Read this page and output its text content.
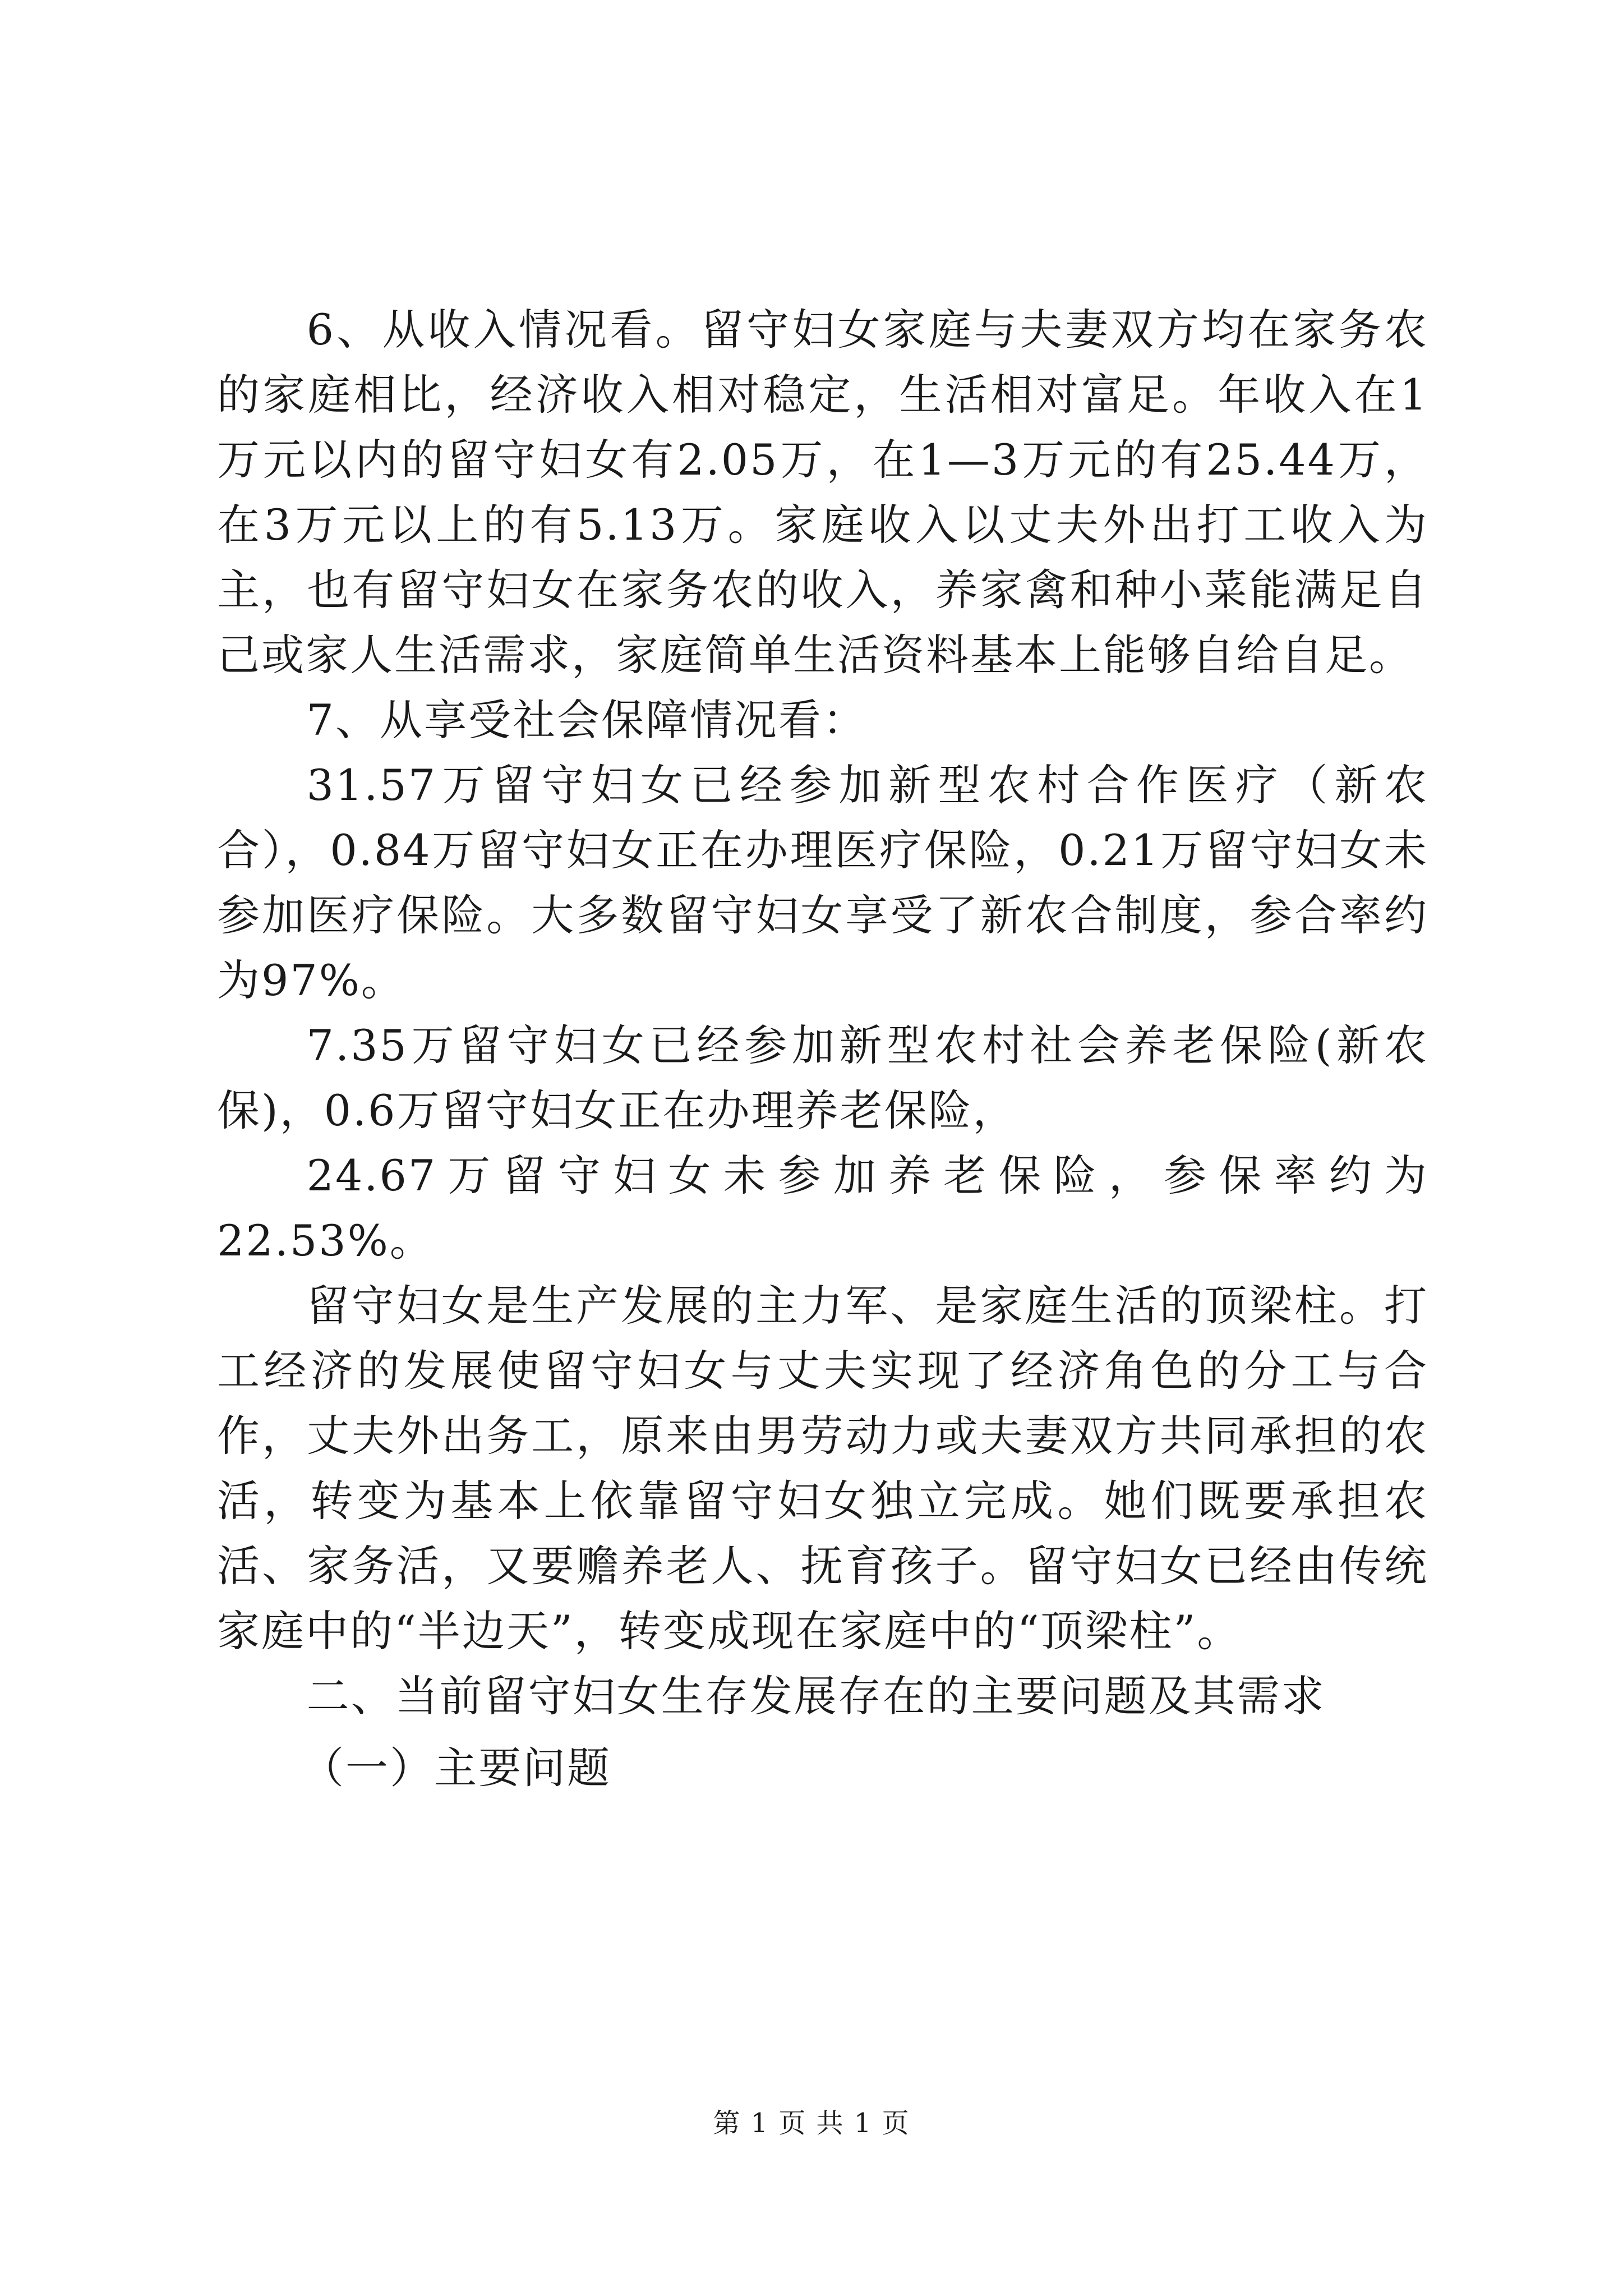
6、从收入情况看。留守妇女家庭与夫妻双方均在家务农的家庭相比，经济收入相对稳定，生活相对富足。年收入在1万元以内的留守妇女有2.05万，在1—3万元的有25.44万，在3万元以上的有5.13万。家庭收入以丈夫外出打工收入为主，也有留守妇女在家务农的收入，养家禽和种小菜能满足自己或家人生活需求，家庭简单生活资料基本上能够自给自足。

7、从享受社会保障情况看：

31.57万留守妇女已经参加新型农村合作医疗（新农合），0.84万留守妇女正在办理医疗保险，0.21万留守妇女未参加医疗保险。大多数留守妇女享受了新农合制度，参合率约为97%。

7.35万留守妇女已经参加新型农村社会养老保险(新农保)，0.6万留守妇女正在办理养老保险，

24.67万留守妇女未参加养老保险，参保率约为22.53%。

留守妇女是生产发展的主力军、是家庭生活的顶梁柱。打工经济的发展使留守妇女与丈夫实现了经济角色的分工与合作，丈夫外出务工，原来由男劳动力或夫妻双方共同承担的农活，转变为基本上依靠留守妇女独立完成。她们既要承担农活、家务活，又要赡养老人、抚育孩子。留守妇女已经由传统家庭中的“半边天”，转变成现在家庭中的“顶梁柱”。

二、当前留守妇女生存发展存在的主要问题及其需求

（一）主要问题

第 1 页 共 1 页
